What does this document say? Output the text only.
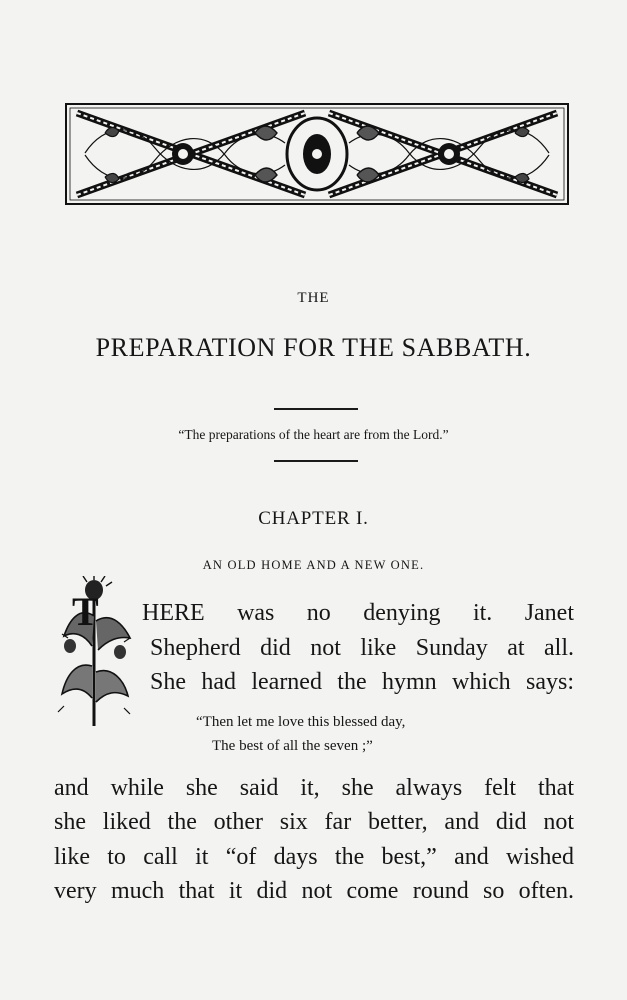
THE
PREPARATION FOR THE SABBATH.
“The preparations of the heart are from the Lord.”
CHAPTER I.
AN OLD HOME AND A NEW ONE.
T HERE was no denying it. Janet
Shepherd did not like Sunday at all.
She had learned the hymn which says:
“Then let me love this blessed day,
The best of all the seven ;”
and while she said it, she always felt that
she liked the other six far better, and did not
like to call it “of days the best,” and wished
very much that it did not come round so often.
